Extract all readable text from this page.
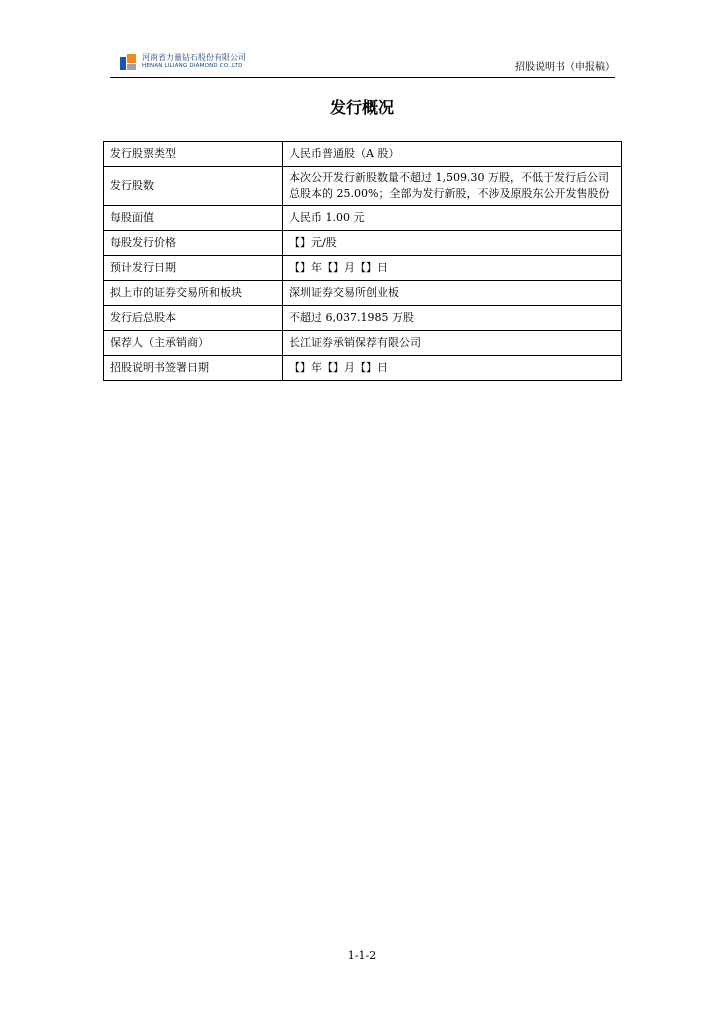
河南省力量钻石股份有限公司
HENAN LILIANG DIAMOND CO.,LTD	招股说明书（申报稿）
发行概况
发行股票类型	人民币普通股（A 股）
发行股数	本次公开发行新股数量不超过 1,509.30 万股，不低于发行后公司总股本的 25.00%；全部为发行新股，不涉及原股东公开发售股份
每股面值	人民币 1.00 元
每股发行价格	【】元/股
预计发行日期	【】年【】月【】日
拟上市的证券交易所和板块	深圳证券交易所创业板
发行后总股本	不超过 6,037.1985 万股
保荐人（主承销商）	长江证券承销保荐有限公司
招股说明书签署日期	【】年【】月【】日
1-1-2
